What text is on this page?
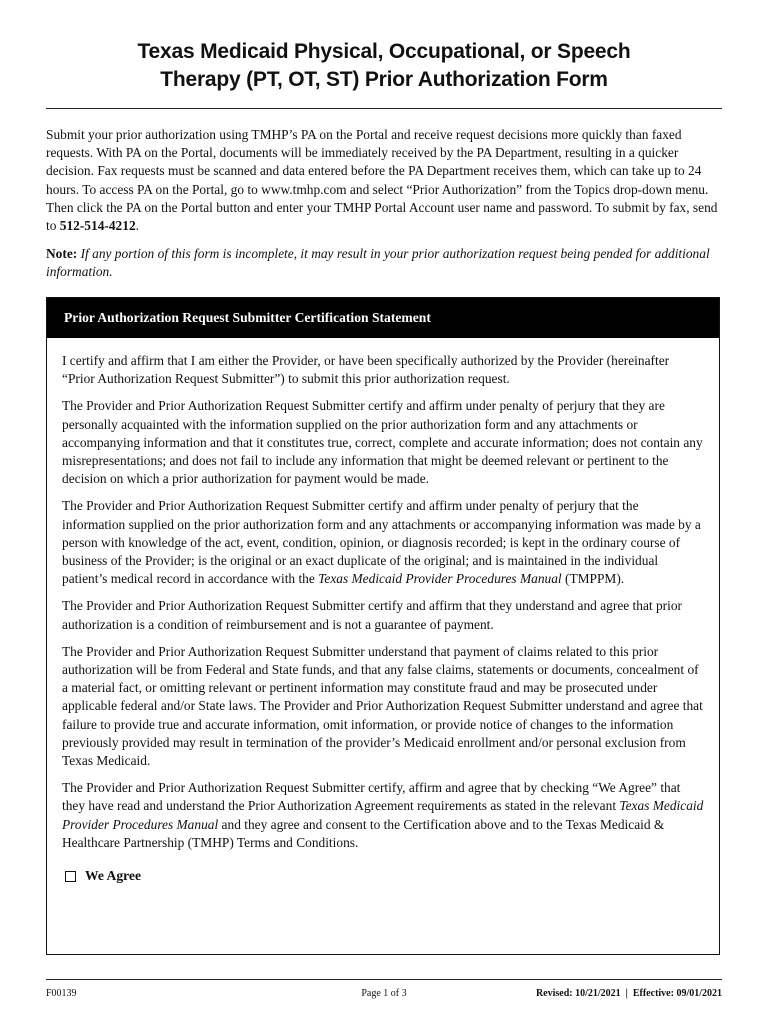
Texas Medicaid Physical, Occupational, or Speech
Therapy (PT, OT, ST) Prior Authorization Form

Submit your prior authorization using TMHP’s PA on the Portal and receive request decisions more quickly than faxed requests. With PA on the Portal, documents will be immediately received by the PA Department, resulting in a quicker decision. Fax requests must be scanned and data entered before the PA Department receives them, which can take up to 24 hours. To access PA on the Portal, go to www.tmhp.com and select “Prior Authorization” from the Topics drop-down menu. Then click the PA on the Portal button and enter your TMHP Portal Account user name and password. To submit by fax, send to 512-514-4212.

Note: If any portion of this form is incomplete, it may result in your prior authorization request being pended for additional information.

Prior Authorization Request Submitter Certification Statement

I certify and affirm that I am either the Provider, or have been specifically authorized by the Provider (hereinafter “Prior Authorization Request Submitter”) to submit this prior authorization request.

The Provider and Prior Authorization Request Submitter certify and affirm under penalty of perjury that they are personally acquainted with the information supplied on the prior authorization form and any attachments or accompanying information and that it constitutes true, correct, complete and accurate information; does not contain any misrepresentations; and does not fail to include any information that might be deemed relevant or pertinent to the decision on which a prior authorization for payment would be made.

The Provider and Prior Authorization Request Submitter certify and affirm under penalty of perjury that the information supplied on the prior authorization form and any attachments or accompanying information was made by a person with knowledge of the act, event, condition, opinion, or diagnosis recorded; is kept in the ordinary course of business of the Provider; is the original or an exact duplicate of the original; and is maintained in the individual patient’s medical record in accordance with the Texas Medicaid Provider Procedures Manual (TMPPM).

The Provider and Prior Authorization Request Submitter certify and affirm that they understand and agree that prior authorization is a condition of reimbursement and is not a guarantee of payment.

The Provider and Prior Authorization Request Submitter understand that payment of claims related to this prior authorization will be from Federal and State funds, and that any false claims, statements or documents, concealment of a material fact, or omitting relevant or pertinent information may constitute fraud and may be prosecuted under applicable federal and/or State laws. The Provider and Prior Authorization Request Submitter understand and agree that failure to provide true and accurate information, omit information, or provide notice of changes to the information previously provided may result in termination of the provider’s Medicaid enrollment and/or personal exclusion from Texas Medicaid.

The Provider and Prior Authorization Request Submitter certify, affirm and agree that by checking “We Agree” that they have read and understand the Prior Authorization Agreement requirements as stated in the relevant Texas Medicaid Provider Procedures Manual and they agree and consent to the Certification above and to the Texas Medicaid & Healthcare Partnership (TMHP) Terms and Conditions.

We Agree
F00139	Page 1 of 3	Revised: 10/21/2021  |  Effective: 09/01/2021
